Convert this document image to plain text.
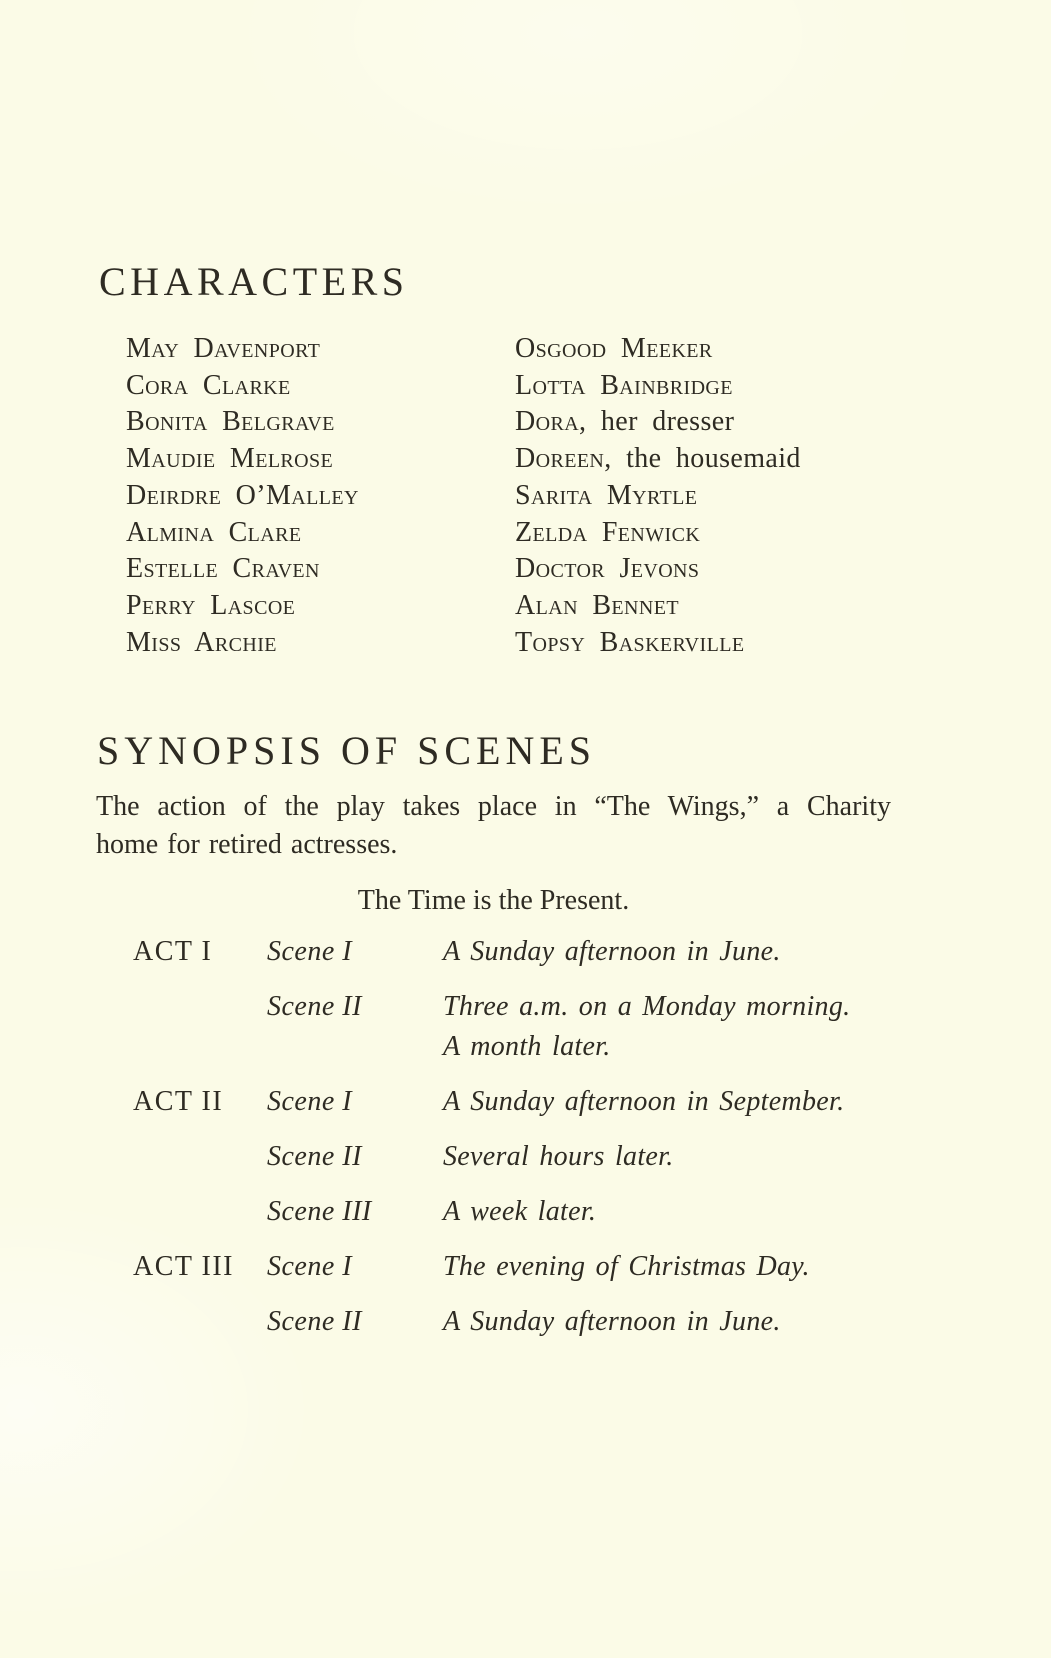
CHARACTERS
May Davenport
Cora Clarke
Bonita Belgrave
Maudie Melrose
Deirdre O’Malley
Almina Clare
Estelle Craven
Perry Lascoe
Miss Archie
Osgood Meeker
Lotta Bainbridge
Dora, her dresser
Doreen, the housemaid
Sarita Myrtle
Zelda Fenwick
Doctor Jevons
Alan Bennet
Topsy Baskerville
SYNOPSIS OF SCENES

The action of the play takes place in “The Wings,” a Charity
home for retired actresses.

The Time is the Present.

ACT I	Scene I	A Sunday afternoon in June.
Scene II	Three a.m. on a Monday morning.
A month later.
ACT II	Scene I	A Sunday afternoon in September.
Scene II	Several hours later.
Scene III	A week later.
ACT III	Scene I	The evening of Christmas Day.
Scene II	A Sunday afternoon in June.
